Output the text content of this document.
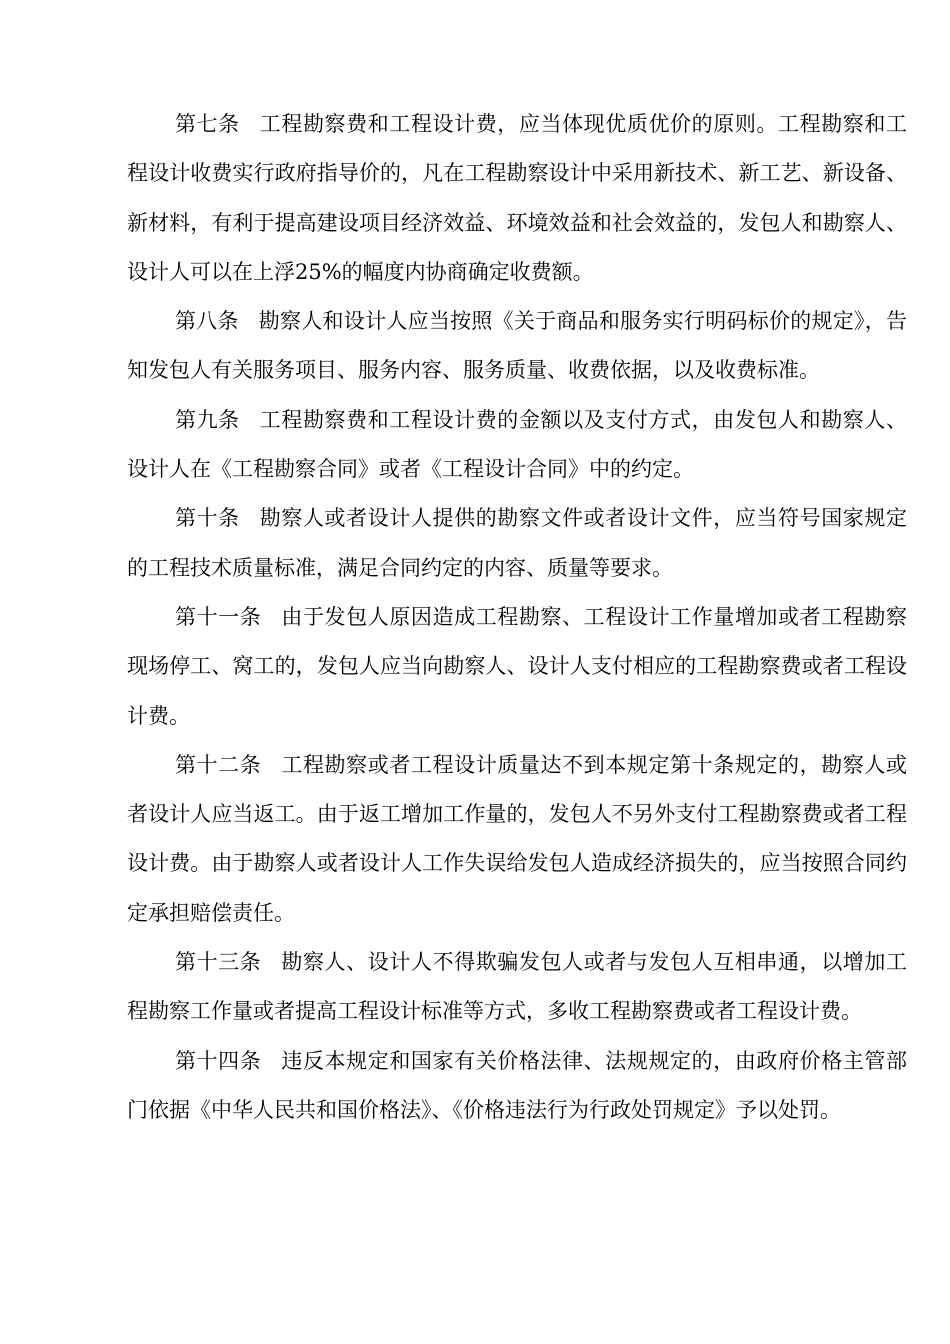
第七条 工程勘察费和工程设计费，应当体现优质优价的原则。工程勘察和工程设计收费实行政府指导价的，凡在工程勘察设计中采用新技术、新工艺、新设备、新材料，有利于提高建设项目经济效益、环境效益和社会效益的，发包人和勘察人、设计人可以在上浮25%的幅度内协商确定收费额。

第八条 勘察人和设计人应当按照《关于商品和服务实行明码标价的规定》，告知发包人有关服务项目、服务内容、服务质量、收费依据，以及收费标准。

第九条 工程勘察费和工程设计费的金额以及支付方式，由发包人和勘察人、设计人在《工程勘察合同》或者《工程设计合同》中的约定。

第十条 勘察人或者设计人提供的勘察文件或者设计文件，应当符号国家规定的工程技术质量标准，满足合同约定的内容、质量等要求。

第十一条 由于发包人原因造成工程勘察、工程设计工作量增加或者工程勘察现场停工、窝工的，发包人应当向勘察人、设计人支付相应的工程勘察费或者工程设计费。

第十二条 工程勘察或者工程设计质量达不到本规定第十条规定的，勘察人或者设计人应当返工。由于返工增加工作量的，发包人不另外支付工程勘察费或者工程设计费。由于勘察人或者设计人工作失误给发包人造成经济损失的，应当按照合同约定承担赔偿责任。

第十三条 勘察人、设计人不得欺骗发包人或者与发包人互相串通，以增加工程勘察工作量或者提高工程设计标准等方式，多收工程勘察费或者工程设计费。

第十四条 违反本规定和国家有关价格法律、法规规定的，由政府价格主管部门依据《中华人民共和国价格法》、《价格违法行为行政处罚规定》予以处罚。
